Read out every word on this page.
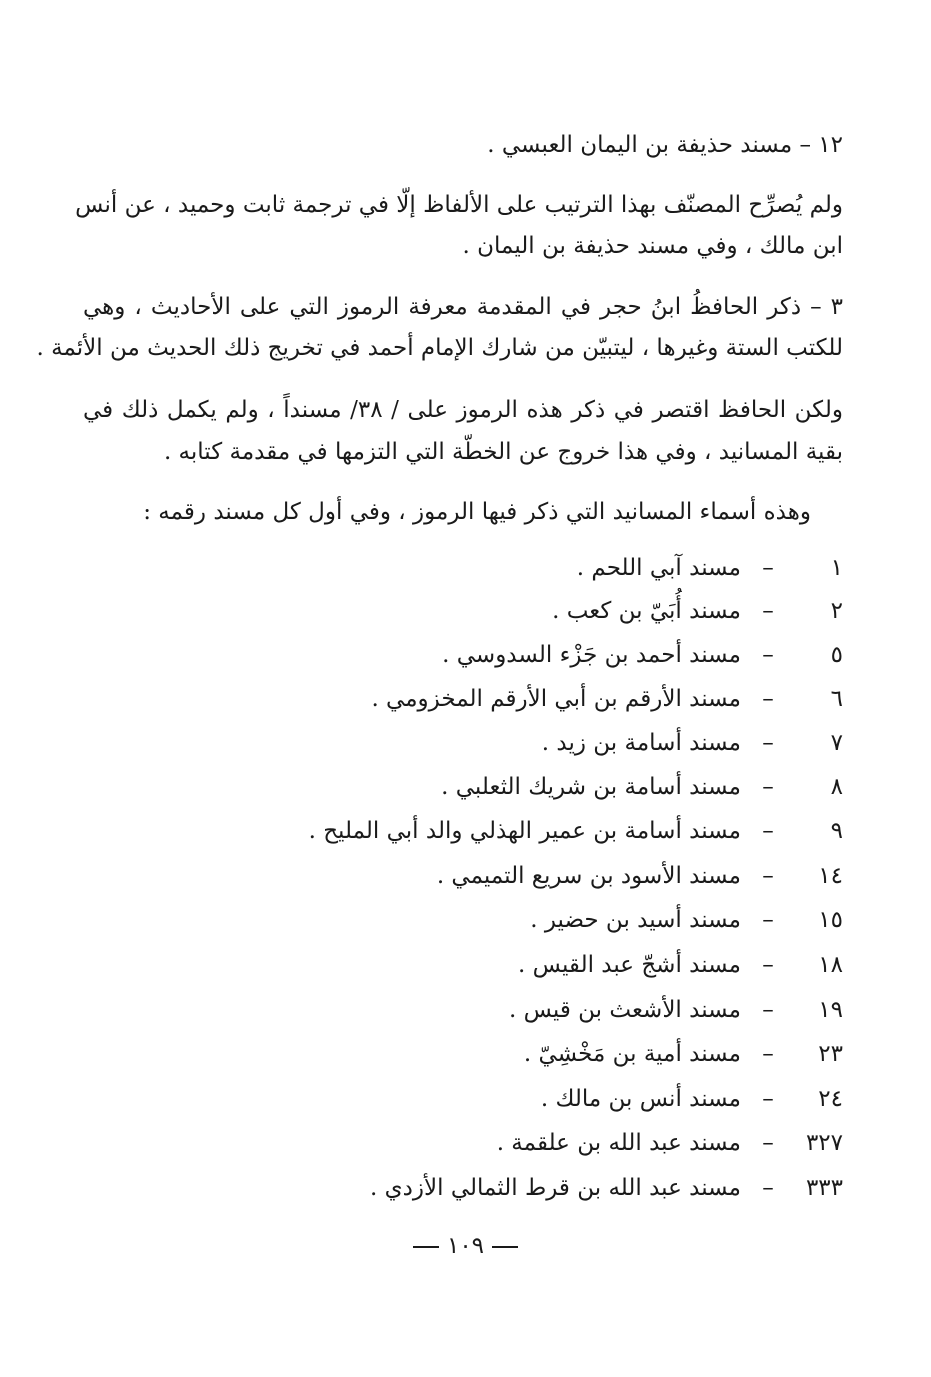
١٢ – مسند حذيفة بن اليمان العبسي .
ولم يُصرِّح المصنّف بهذا الترتيب على الألفاظ إلّا في ترجمة ثابت وحميد ، عن أنس
ابن مالك ، وفي مسند حذيفة بن اليمان .
٣ – ذكر الحافظُ ابنُ حجر في المقدمة معرفة الرموز التي على الأحاديث ، وهي
للكتب الستة وغيرها ، ليتبيّن من شارك الإمام أحمد في تخريج ذلك الحديث من الأئمة .
ولكن الحافظ اقتصر في ذكر هذه الرموز على / ٣٨/ مسنداً ، ولم يكمل ذلك في
بقية المسانيد ، وفي هذا خروج عن الخطّة التي التزمها في مقدمة كتابه .
وهذه أسماء المسانيد التي ذكر فيها الرموز ، وفي أول كل مسند رقمه :
١
–
مسند آبي اللحم .
٢
–
مسند أُبَيّ بن كعب .
٥
–
مسند أحمد بن جَزْء السدوسي .
٦
–
مسند الأرقم بن أبي الأرقم المخزومي .
٧
–
مسند أسامة بن زيد .
٨
–
مسند أسامة بن شريك الثعلبي .
٩
–
مسند أسامة بن عمير الهذلي والد أبي المليح .
١٤
–
مسند الأسود بن سريع التميمي .
١٥
–
مسند أسيد بن حضير .
١٨
–
مسند أشجّ عبد القيس .
١٩
–
مسند الأشعث بن قيس .
٢٣
–
مسند أمية بن مَخْشِيّ .
٢٤
–
مسند أنس بن مالك .
٣٢٧
–
مسند عبد الله بن علقمة .
٣٣٣
–
مسند عبد الله بن قرط الثمالي الأزدي .
١٠٩
